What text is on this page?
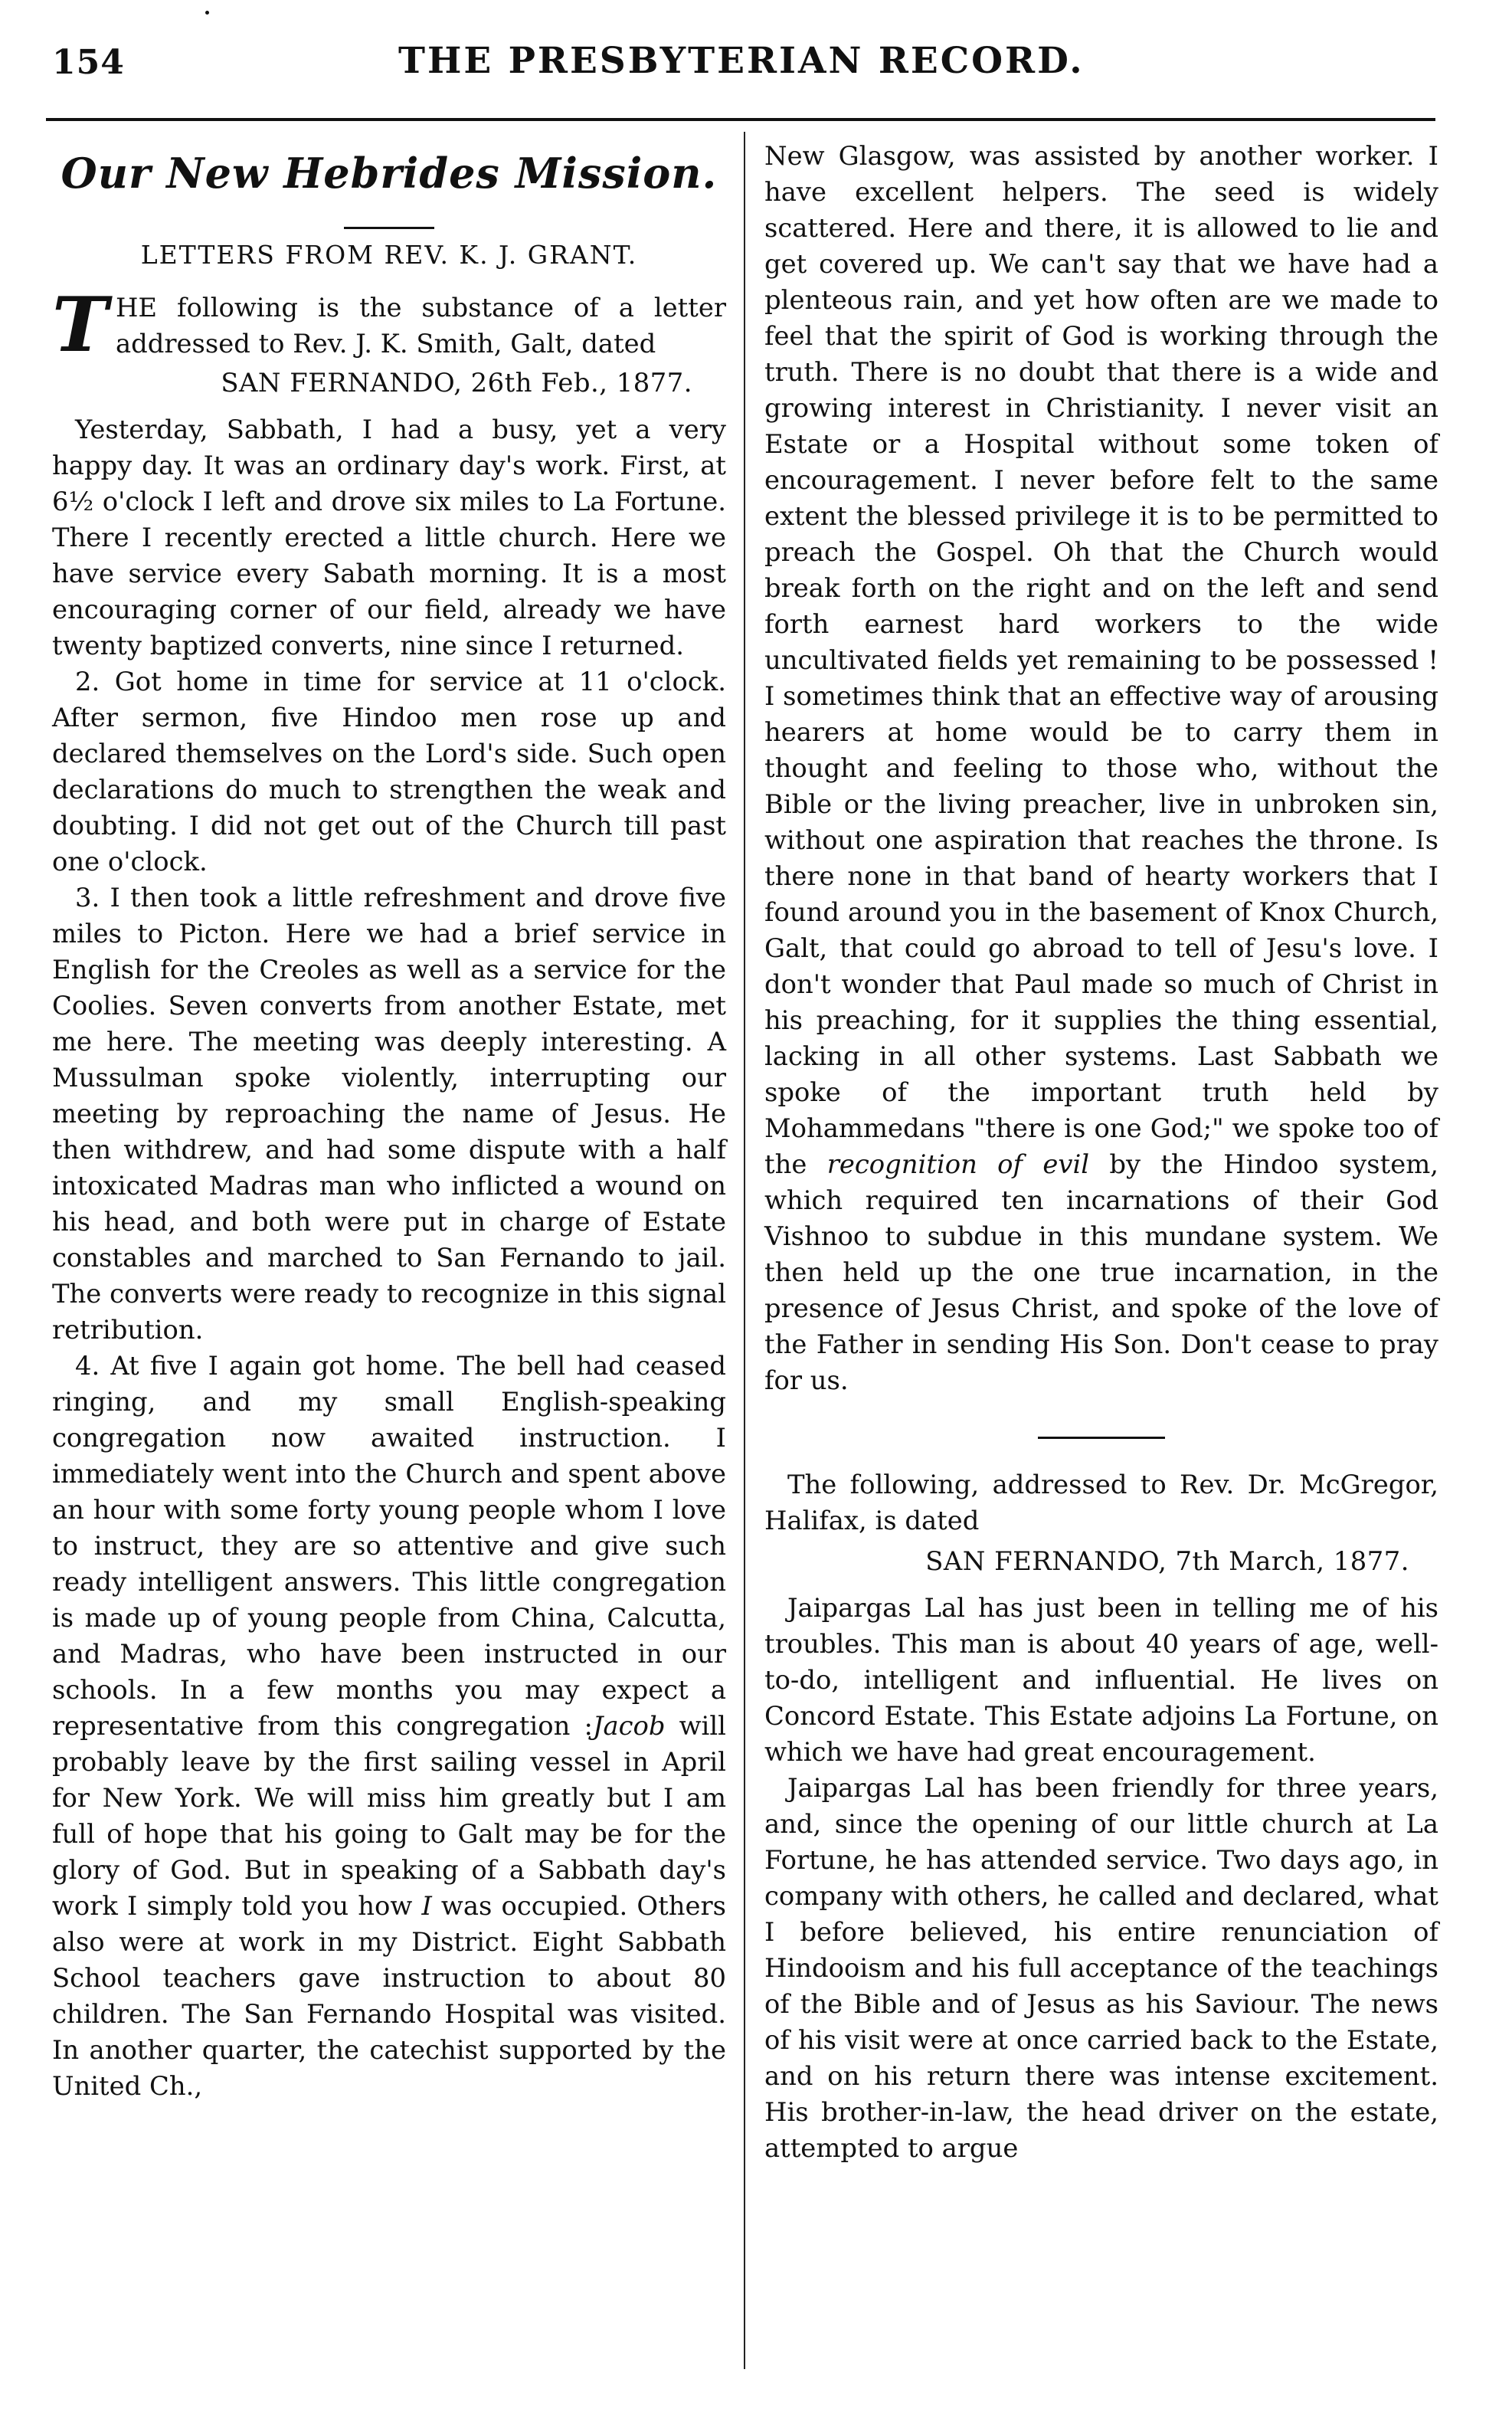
154	THE PRESBYTERIAN RECORD.
Our New Hebrides Mission.
LETTERS FROM REV. K. J. GRANT.

THE following is the substance of a letter addressed to Rev. J. K. Smith, Galt, dated

SAN FERNANDO, 26th Feb., 1877.

Yesterday, Sabbath, I had a busy, yet a very happy day. It was an ordinary day's work. First, at 6½ o'clock I left and drove six miles to La Fortune. There I recently erected a little church. Here we have service every Sabath morning. It is a most encouraging corner of our field, already we have twenty baptized converts, nine since I returned.

2. Got home in time for service at 11 o'clock. After sermon, five Hindoo men rose up and declared themselves on the Lord's side. Such open declarations do much to strengthen the weak and doubting. I did not get out of the Church till past one o'clock.

3. I then took a little refreshment and drove five miles to Picton. Here we had a brief service in English for the Creoles as well as a service for the Coolies. Seven converts from another Estate, met me here. The meeting was deeply interesting. A Mussulman spoke violently, interrupting our meeting by reproaching the name of Jesus. He then withdrew, and had some dispute with a half intoxicated Madras man who inflicted a wound on his head, and both were put in charge of Estate constables and marched to San Fernando to jail. The converts were ready to recognize in this signal retribution.

4. At five I again got home. The bell had ceased ringing, and my small English-speaking congregation now awaited instruction. I immediately went into the Church and spent above an hour with some forty young people whom I love to instruct, they are so attentive and give such ready intelligent answers. This little congregation is made up of young people from China, Calcutta, and Madras, who have been instructed in our schools. In a few months you may expect a representative from this congregation :Jacob will probably leave by the first sailing vessel in April for New York. We will miss him greatly but I am full of hope that his going to Galt may be for the glory of God. But in speaking of a Sabbath day's work I simply told you how I was occupied. Others also were at work in my District. Eight Sabbath School teachers gave instruction to about 80 children. The San Fernando Hospital was visited. In another quarter, the catechist supported by the United Ch.,

New Glasgow, was assisted by another worker. I have excellent helpers. The seed is widely scattered. Here and there, it is allowed to lie and get covered up. We can't say that we have had a plenteous rain, and yet how often are we made to feel that the spirit of God is working through the truth. There is no doubt that there is a wide and growing interest in Christianity. I never visit an Estate or a Hospital without some token of encouragement. I never before felt to the same extent the blessed privilege it is to be permitted to preach the Gospel. Oh that the Church would break forth on the right and on the left and send forth earnest hard workers to the wide uncultivated fields yet remaining to be possessed ! I sometimes think that an effective way of arousing hearers at home would be to carry them in thought and feeling to those who, without the Bible or the living preacher, live in unbroken sin, without one aspiration that reaches the throne. Is there none in that band of hearty workers that I found around you in the basement of Knox Church, Galt, that could go abroad to tell of Jesu's love. I don't wonder that Paul made so much of Christ in his preaching, for it supplies the thing essential, lacking in all other systems. Last Sabbath we spoke of the important truth held by Mohammedans "there is one God;" we spoke too of the recognition of evil by the Hindoo system, which required ten incarnations of their God Vishnoo to subdue in this mundane system. We then held up the one true incarnation, in the presence of Jesus Christ, and spoke of the love of the Father in sending His Son. Don't cease to pray for us.

The following, addressed to Rev. Dr. McGregor, Halifax, is dated

SAN FERNANDO, 7th March, 1877.

Jaipargas Lal has just been in telling me of his troubles. This man is about 40 years of age, well-to-do, intelligent and influential. He lives on Concord Estate. This Estate adjoins La Fortune, on which we have had great encouragement.

Jaipargas Lal has been friendly for three years, and, since the opening of our little church at La Fortune, he has attended service. Two days ago, in company with others, he called and declared, what I before believed, his entire renunciation of Hindooism and his full acceptance of the teachings of the Bible and of Jesus as his Saviour. The news of his visit were at once carried back to the Estate, and on his return there was intense excitement. His brother-in-law, the head driver on the estate, attempted to argue
